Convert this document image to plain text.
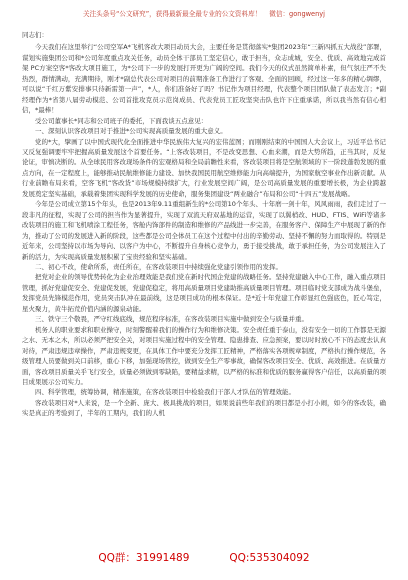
关注头条号“公文研究”，获得最新最全最专业的公文资料库！ 微信：gongwenyj

同志们：

今天我们在这里举行“公司空军A*飞机客改大项目动员大会，主要任务是贯彻落实*集团2023年“三新四抓五大战役”部署，谋划实施集团公司和*公司年度重点攻关任务，动员全体干部员工坚定信心，敢于担当，众志成城，安全、优质、高效地完成首架 PC方案空客*客改大项目施工，为*公司下一步的发展打开更为广阔的空间。我们今天的仪式虽然简单朴素，但气氛庄严不失热烈，群情满动，充满期待，刚才*副总代表公司对项目的前期准备工作进行了客观、全面的回顾，经过这一年多的精心绸缪，可以说“千红万紫安排事只待新雷第一声”，*人，你们准备好了吗？书记作为项目经理，代表整个项目团队做了表态发言；*副经理作为*省第八届劳动模范、公司首批攻克员示范岗成员、代表党员工匠攻坚突击队也许下庄重承诺，所以我当然有信心相信，*最棒！

受公司董事长*同志和公司班子的委托，下面我谈五点意见：

一、深刻认识客改项目对于推进*公司实现高质量发展的重大意义。

党的*大，擘画了以中国式现代化全面推进中华民族伟大复兴的宏伟蓝图；而刚刚结束的中国国人大会议上，习近平总书记又反复强调要牢牢把握高质量发展这个首要任务。“上客改装项目，不是改变思想、心血来潮，而是大势所趋，正当其时，反复论证，审慎决断的。从全球民用客改现场条件的宏观格局和全局前瞻性来看，客改装项目将是空航领域的下一阶段蓬勃发展的重点方向，在一定程度上，能够推动民航维修能力建设、加快我国民用航空维修能力向高端提升，为国家航空事业作出新贡献。从行业前瞻布局来看，空客飞机“客改货”市场规模持续扩大，行业发展空间广阔，是公司高质量发展的重要增长极，为企业跨越发展奠定坚实基础，承载着集团实现科学发展的历史使命，服务集团建设“两业融合”布局和公司“十四五”发展战略。

今年是公司成立第15个年头，也是2013年9.11重组新生的*公司第10个年头、十年磨一剑十年，风风雨雨，我们走过了一段非凡的征程，实现了公司的担当作为显著提升，实现了双流天府双基地的运营，实现了以翼梢改、HUD、FTIS、WiFi等诸多改装项目的施工和飞机喷涂工程任务，客舱内饰部件的制造和维修的产品线进一步完善，在服务客户、保障生产中展现了新的作为，推动了公司的发展进入新的阶段，这些都是公司全体员工在这个过程中付出的辛勤劳动、坚持不懈的努力而取得的。特别是近年来，公司坚持以市场为导向、以客户为中心，不断提升自身核心竞争力，勇于接受挑战，敢于承担任务，为公司发展注入了新的活力，为实现高质量发展积累了宝贵经验和坚实基础。

二、初心不改，使命所系，责任所在，在客改装项目中持续强化党建引领作用的发挥。

把党对企业的领导优势转化为企业治理效能是我们党在新时代国企党建的战略任务。坚持党建融入中心工作，融入重点项目管理，抓好党建促安全、党建促发展，党建促稳定，将用高质量项目党建助推高质量项目管理。项目临时党支部成为战斗堡垒，发挥党员先锋模范作用，党员突击队冲在最前线，这是项目成功的根本保证。是*近十年党建工作彰显红色强底色，匠心笃定，星火聚力，黄牛拓荒价值内涵的源泉动能。

三、铁守三个敬畏，严守红线底线，规范程序标准，在客改装项目实施中做到安全与质量并重。

机务人的职业要求和职业操守，时刻警醒着我们的操作行为和维修决策。安全责任重于泰山，没有安全一切的工作都是无源之水、无本之木，所以必须严把安全关，对项目实施过程中的安全管理、隐患排查、应急预案，要以时时放心不下的态度去认真对待，严肃违规违章操作，严肃违规变更，在具体工作中要充分发挥工匠精神，严格落实各项规章制度，严格执行操作规范，各级管理人员要做到关口前移，重心下移，加强现场管控，做到安全生产零事故，确保客改项目安全、优质、高效推进。在质量方面，客改项目质量关乎飞行安全，质量必须做到零缺陷，要精益求精，以严格的标准和优质的服务赢得客户信任，以高质量的项目成果展示公司实力。

四、科学管理，统筹协调，精准施策，在客改装项目中检验我们干部人才队伍的管理效能。

客改装项目对*人来说，是一个全新、庞大、极具挑战的项目，如果说前些年我们的项目都是小打小闹，如今的客改装，确实是真正的考验到了，半年的工期内，我们的人机

QQ群：31991489	QQ:535304092
